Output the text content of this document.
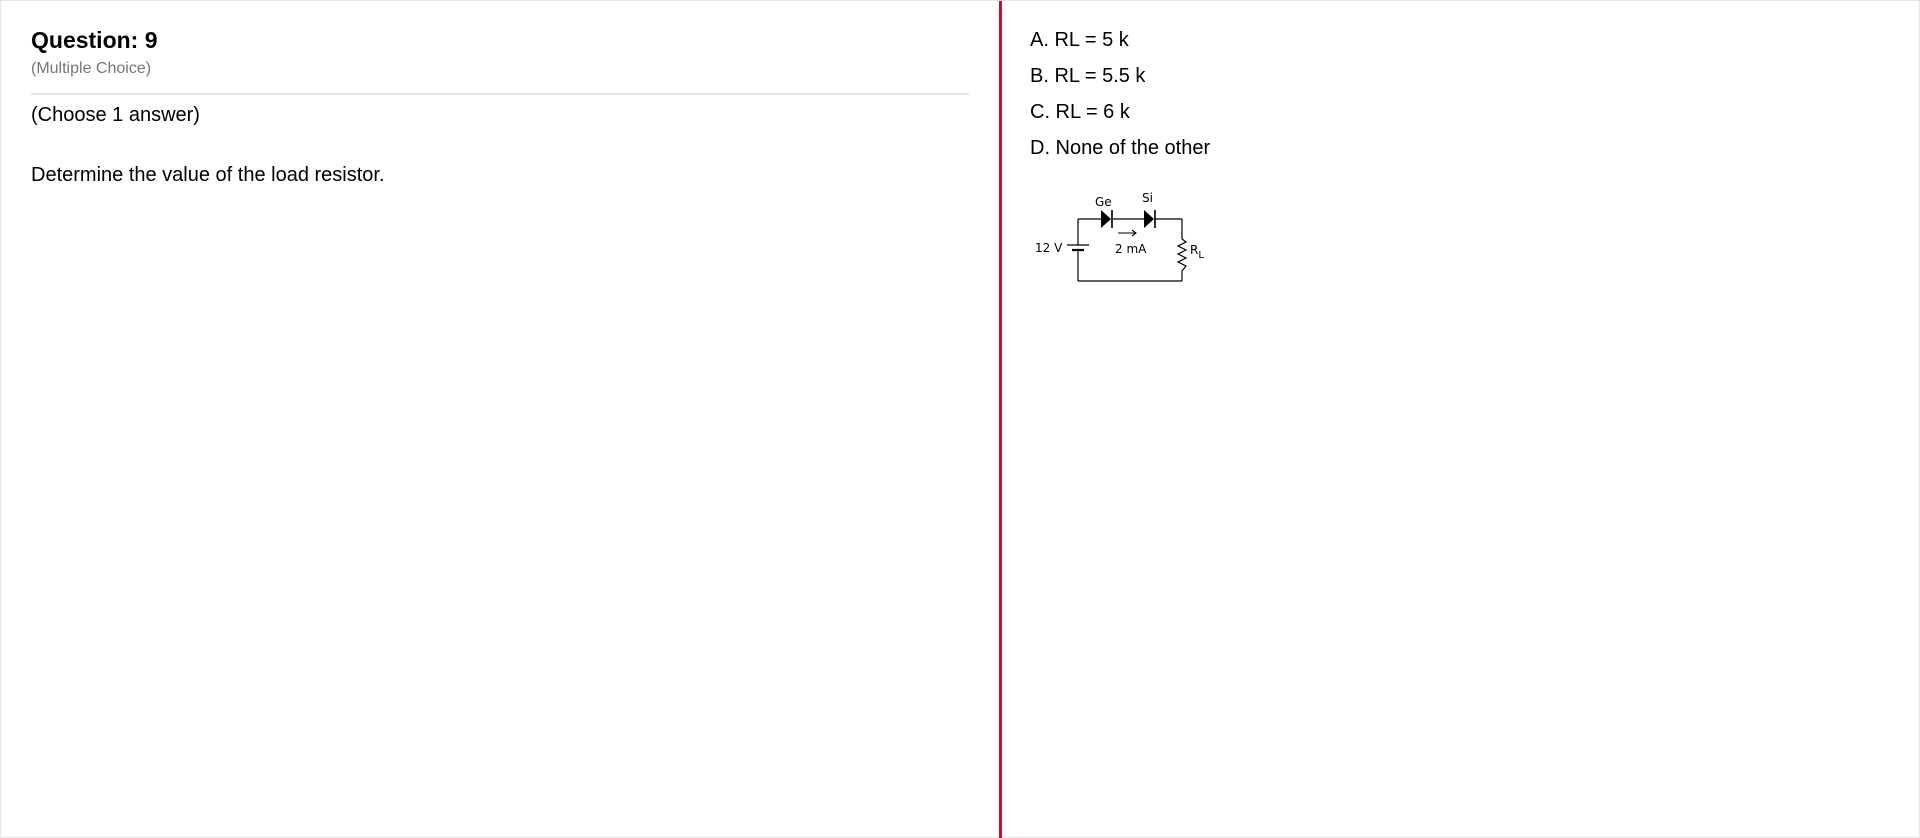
Question: 9
(Multiple Choice)
(Choose 1 answer)
Determine the value of the load resistor.
A. RL = 5 k
B. RL = 5.5 k
C. RL = 6 k
D. None of the other
12 V
Ge	Si
2 mA	$R_L$
